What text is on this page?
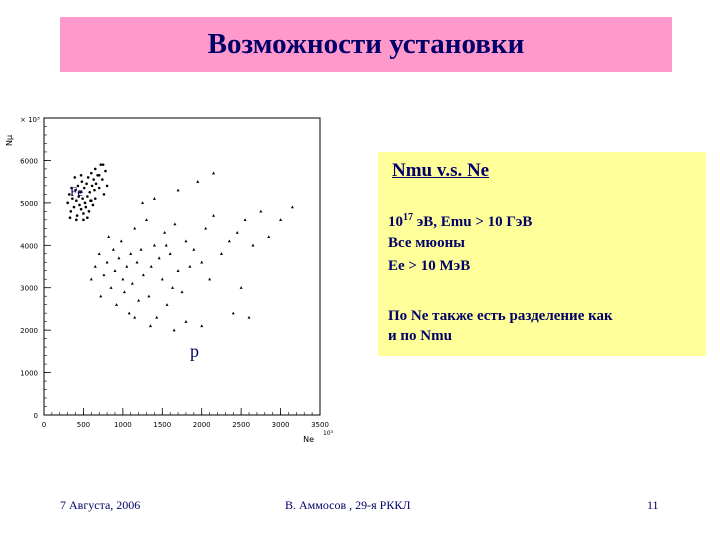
Возможности установки
0
1000
2000
3000
4000
5000
6000
0	500	1000	1500	2000	2500	3000	3500
Nμ
× 10³
Ne
10³
Fe
p
Nmu v.s. Ne
$10^{17}$ эВ, Emu > 10 ГэВ
Все мюоны
Ee > 10 МэВ
По Ne также есть разделение как
и по Nmu
7 Августа, 2006	В. Аммосов , 29-я РККЛ	11
